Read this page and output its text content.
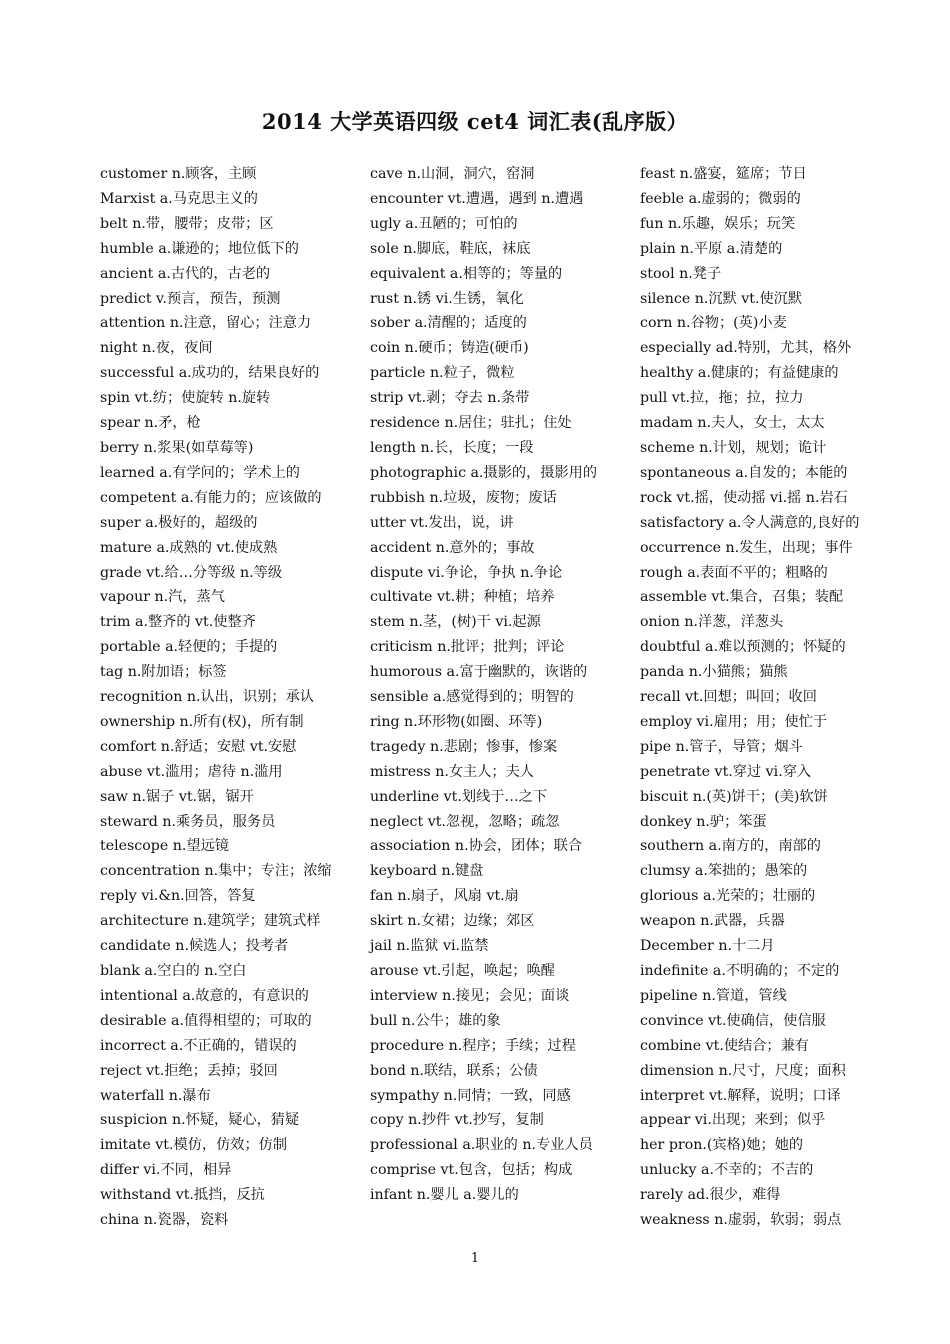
2014 大学英语四级 cet4 词汇表(乱序版）
customer n.顾客，主顾
Marxist a.马克思主义的
belt n.带，腰带；皮带；区
humble a.谦逊的；地位低下的
ancient a.古代的，古老的
predict v.预言，预告，预测
attention n.注意，留心；注意力
night n.夜，夜间
successful a.成功的，结果良好的
spin vt.纺；使旋转 n.旋转
spear n.矛，枪
berry n.浆果(如草莓等)
learned a.有学问的；学术上的
competent a.有能力的；应该做的
super a.极好的，超级的
mature a.成熟的 vt.使成熟
grade vt.给…分等级 n.等级
vapour n.汽，蒸气
trim a.整齐的 vt.使整齐
portable a.轻便的；手提的
tag n.附加语；标签
recognition n.认出，识别；承认
ownership n.所有(权)，所有制
comfort n.舒适；安慰 vt.安慰
abuse vt.滥用；虐待 n.滥用
saw n.锯子 vt.锯，锯开
steward n.乘务员，服务员
telescope n.望远镜
concentration n.集中；专注；浓缩
reply vi.&n.回答，答复
architecture n.建筑学；建筑式样
candidate n.候选人；投考者
blank a.空白的 n.空白
intentional a.故意的，有意识的
desirable a.值得相望的；可取的
incorrect a.不正确的，错误的
reject vt.拒绝；丢掉；驳回
waterfall n.瀑布
suspicion n.怀疑，疑心，猜疑
imitate vt.模仿，仿效；仿制
differ vi.不同，相异
withstand vt.抵挡，反抗
china n.瓷器，瓷料
cave n.山洞，洞穴，窑洞
encounter vt.遭遇，遇到 n.遭遇
ugly a.丑陋的；可怕的
sole n.脚底，鞋底，袜底
equivalent a.相等的；等量的
rust n.锈 vi.生锈，氧化
sober a.清醒的；适度的
coin n.硬币；铸造(硬币)
particle n.粒子，微粒
strip vt.剥；夺去 n.条带
residence n.居住；驻扎；住处
length n.长，长度；一段
photographic a.摄影的，摄影用的
rubbish n.垃圾，废物；废话
utter vt.发出，说，讲
accident n.意外的；事故
dispute vi.争论，争执 n.争论
cultivate vt.耕；种植；培养
stem n.茎，(树)干 vi.起源
criticism n.批评；批判；评论
humorous a.富于幽默的，诙谐的
sensible a.感觉得到的；明智的
ring n.环形物(如圈、环等)
tragedy n.悲剧；惨事，惨案
mistress n.女主人；夫人
underline vt.划线于…之下
neglect vt.忽视，忽略；疏忽
association n.协会，团体；联合
keyboard n.键盘
fan n.扇子，风扇 vt.扇
skirt n.女裙；边缘；郊区
jail n.监狱 vi.监禁
arouse vt.引起，唤起；唤醒
interview n.接见；会见；面谈
bull n.公牛；雄的象
procedure n.程序；手续；过程
bond n.联结，联系；公债
sympathy n.同情；一致，同感
copy n.抄件 vt.抄写，复制
professional a.职业的 n.专业人员
comprise vt.包含，包括；构成
infant n.婴儿 a.婴儿的
feast n.盛宴，筵席；节日
feeble a.虚弱的；微弱的
fun n.乐趣，娱乐；玩笑
plain n.平原 a.清楚的
stool n.凳子
silence n.沉默 vt.使沉默
corn n.谷物；(英)小麦
especially ad.特别，尤其，格外
healthy a.健康的；有益健康的
pull vt.拉，拖；拉，拉力
madam n.夫人，女士，太太
scheme n.计划，规划；诡计
spontaneous a.自发的；本能的
rock vt.摇，使动摇 vi.摇 n.岩石
satisfactory a.令人满意的,良好的
occurrence n.发生，出现；事件
rough a.表面不平的；粗略的
assemble vt.集合，召集；装配
onion n.洋葱，洋葱头
doubtful a.难以预测的；怀疑的
panda n.小猫熊；猫熊
recall vt.回想；叫回；收回
employ vi.雇用；用；使忙于
pipe n.管子，导管；烟斗
penetrate vt.穿过 vi.穿入
biscuit n.(英)饼干；(美)软饼
donkey n.驴；笨蛋
southern a.南方的，南部的
clumsy a.笨拙的；愚笨的
glorious a.光荣的；壮丽的
weapon n.武器，兵器
December n.十二月
indefinite a.不明确的；不定的
pipeline n.管道，管线
convince vt.使确信，使信服
combine vt.使结合；兼有
dimension n.尺寸，尺度；面积
interpret vt.解释，说明；口译
appear vi.出现；来到；似乎
her pron.(宾格)她；她的
unlucky a.不幸的；不吉的
rarely ad.很少，难得
weakness n.虚弱，软弱；弱点
1
